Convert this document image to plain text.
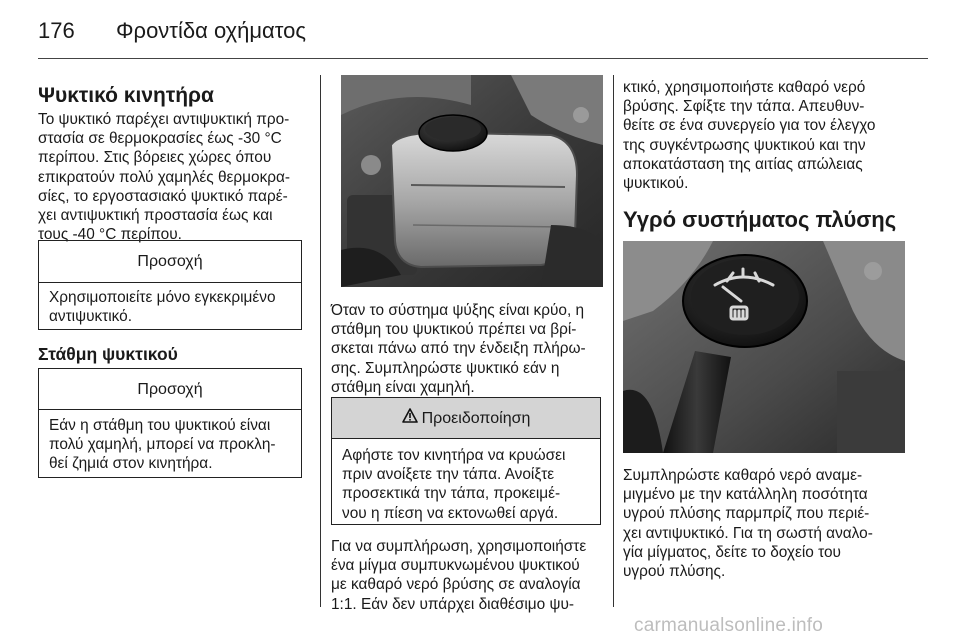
176 Φροντίδα οχήματος
Ψυκτικό κινητήρα

Το ψυκτικό παρέχει αντιψυκτική προ-

στασία σε θερμοκρασίες έως -30 °C

περίπου. Στις βόρειες χώρες όπου

επικρατούν πολύ χαμηλές θερμοκρα-

σίες, το εργοστασιακό ψυκτικό παρέ-

χει αντιψυκτική προστασία έως και

τους -40 °C περίπου.

Προσοχή
Χρησιμοποιείτε μόνο εγκεκριμένο
αντιψυκτικό.
Στάθμη ψυκτικού
Προσοχή
Εάν η στάθμη του ψυκτικού είναι
πολύ χαμηλή, μπορεί να προκλη-
θεί ζημιά στον κινητήρα.

Όταν το σύστημα ψύξης είναι κρύο, η

στάθμη του ψυκτικού πρέπει να βρί-

σκεται πάνω από την ένδειξη πλήρω-

σης. Συμπληρώστε ψυκτικό εάν η

στάθμη είναι χαμηλή.

Προειδοποίηση
Αφήστε τον κινητήρα να κρυώσει
πριν ανοίξετε την τάπα. Ανοίξτε
προσεκτικά την τάπα, προκειμέ-
νου η πίεση να εκτονωθεί αργά.

Για να συμπλήρωση, χρησιμοποιήστε

ένα μίγμα συμπυκνωμένου ψυκτικού

με καθαρό νερό βρύσης σε αναλογία

1:1. Εάν δεν υπάρχει διαθέσιμο ψυ-

κτικό, χρησιμοποιήστε καθαρό νερό

βρύσης. Σφίξτε την τάπα. Απευθυν-

θείτε σε ένα συνεργείο για τον έλεγχο

της συγκέντρωσης ψυκτικού και την

αποκατάσταση της αιτίας απώλειας

ψυκτικού.

Υγρό συστήματος πλύσης

Συμπληρώστε καθαρό νερό αναμε-

μιγμένο με την κατάλληλη ποσότητα

υγρού πλύσης παρμπρίζ που περιέ-

χει αντιψυκτικό. Για τη σωστή αναλο-

γία μίγματος, δείτε το δοχείο του

υγρού πλύσης.

carmanualsonline.info
